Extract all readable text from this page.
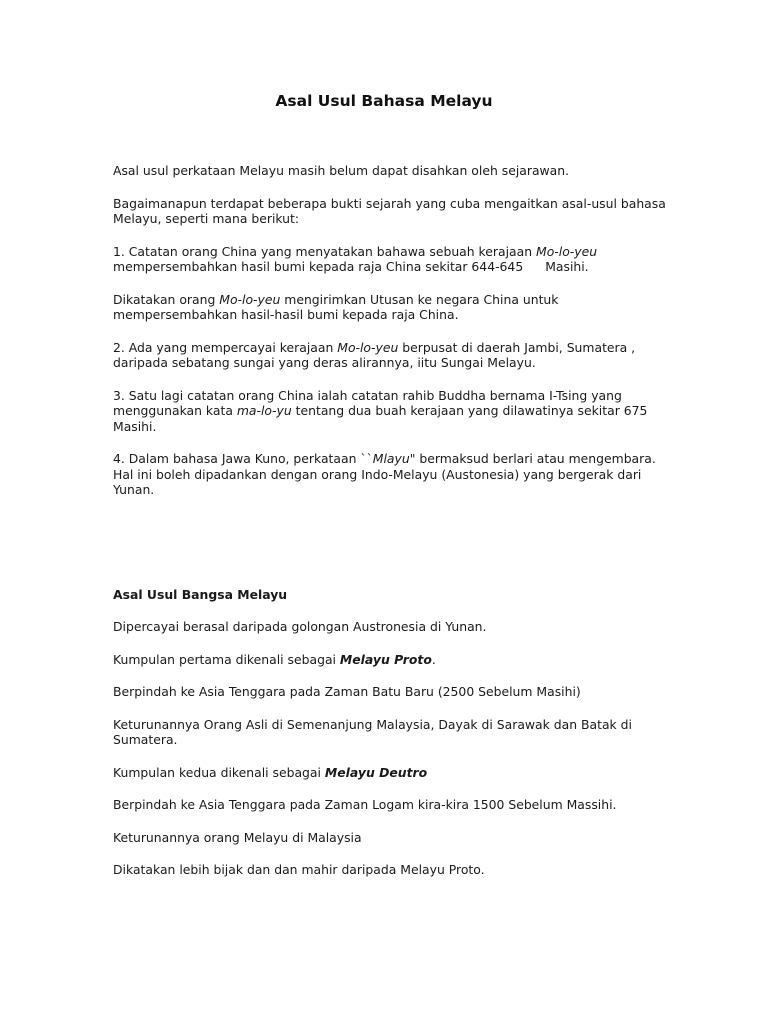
Asal Usul Bahasa Melayu

Asal usul perkataan Melayu masih belum dapat disahkan oleh sejarawan.

Bagaimanapun terdapat beberapa bukti sejarah yang cuba mengaitkan asal-usul bahasa Melayu, seperti mana berikut:

1. Catatan orang China yang menyatakan bahawa sebuah kerajaan Mo-lo-yeu mempersembahkan hasil bumi kepada raja China sekitar 644-645 Masihi.

Dikatakan orang Mo-lo-yeu mengirimkan Utusan ke negara China untuk mempersembahkan hasil-hasil bumi kepada raja China.

2. Ada yang mempercayai kerajaan Mo-lo-yeu berpusat di daerah Jambi, Sumatera , daripada sebatang sungai yang deras alirannya, iitu Sungai Melayu.

3. Satu lagi catatan orang China ialah catatan rahib Buddha bernama I-Tsing yang menggunakan kata ma-lo-yu tentang dua buah kerajaan yang dilawatinya sekitar 675 Masihi.

4. Dalam bahasa Jawa Kuno, perkataan ``Mlayu" bermaksud berlari atau mengembara. Hal ini boleh dipadankan dengan orang Indo-Melayu (Austonesia) yang bergerak dari Yunan.

Asal Usul Bangsa Melayu

Dipercayai berasal daripada golongan Austronesia di Yunan.

Kumpulan pertama dikenali sebagai Melayu Proto.

Berpindah ke Asia Tenggara pada Zaman Batu Baru (2500 Sebelum Masihi)

Keturunannya Orang Asli di Semenanjung Malaysia, Dayak di Sarawak dan Batak di Sumatera.

Kumpulan kedua dikenali sebagai Melayu Deutro

Berpindah ke Asia Tenggara pada Zaman Logam kira-kira 1500 Sebelum Massihi.

Keturunannya orang Melayu di Malaysia

Dikatakan lebih bijak dan dan mahir daripada Melayu Proto.
